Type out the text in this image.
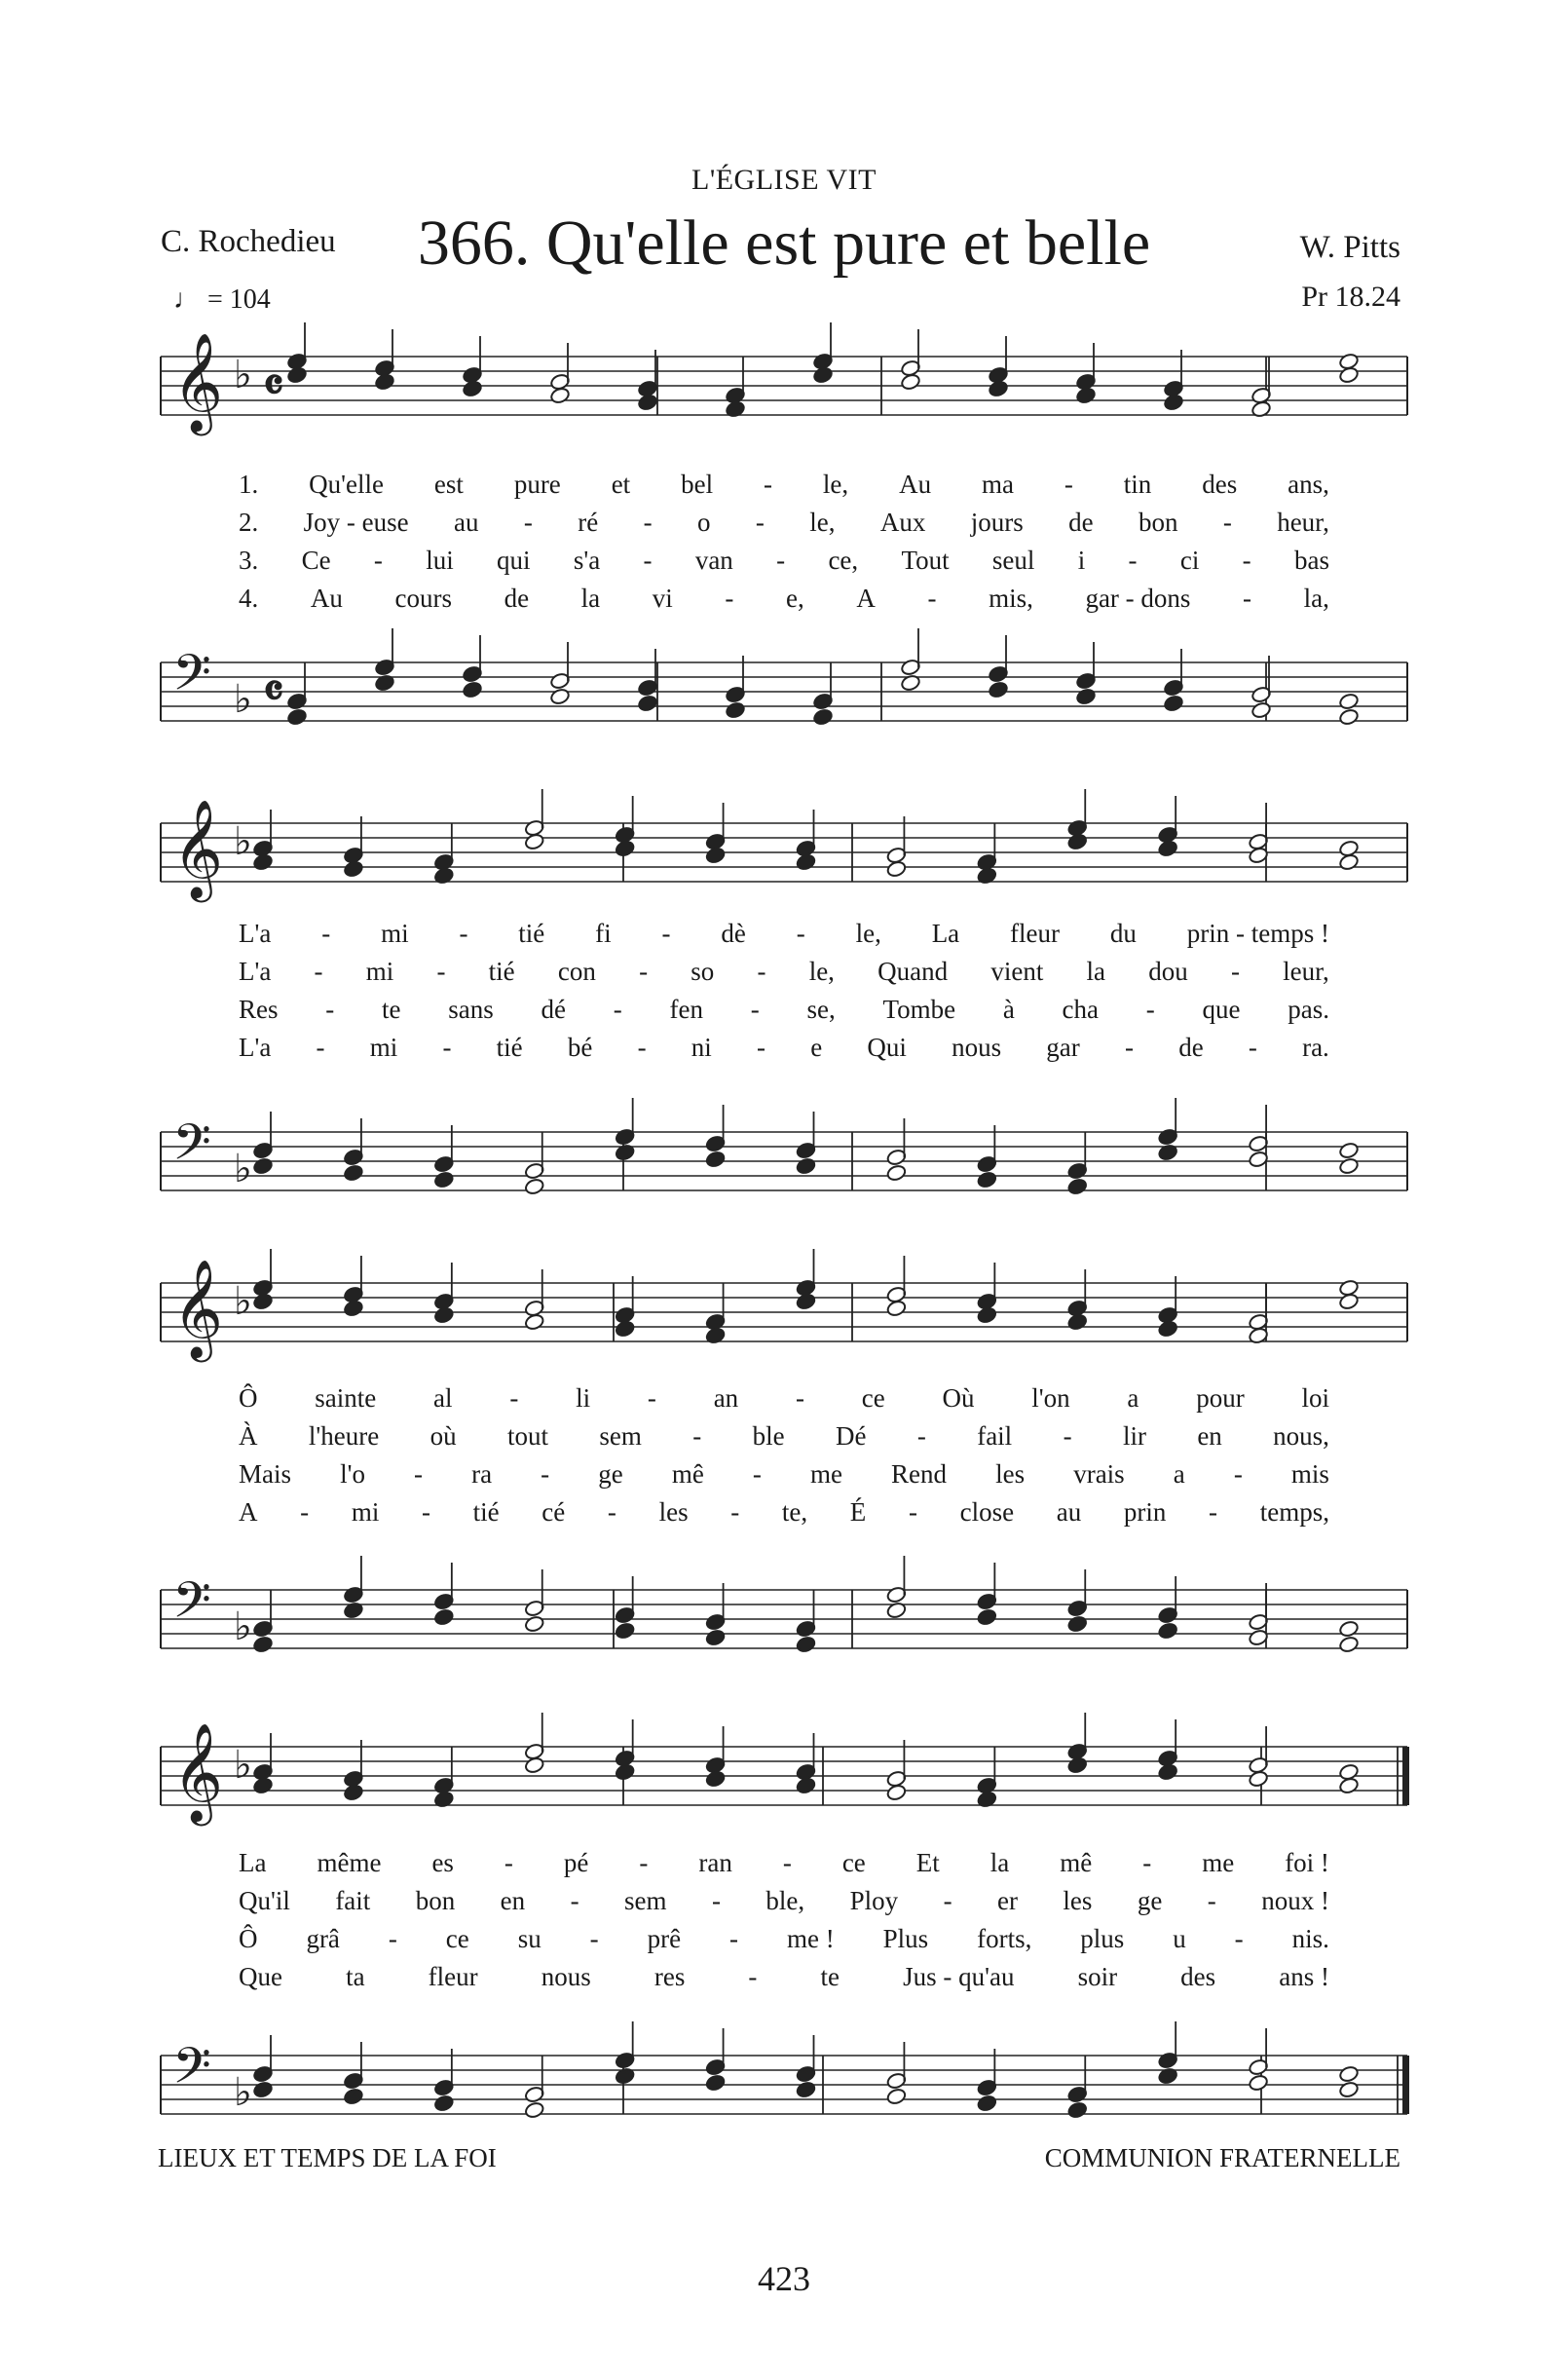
L'ÉGLISE VIT
C. Rochedieu
♩ = 104
366. Qu'elle est pure et belle	W. Pitts
Pr 18.24
𝄞 ♭ 𝄴
𝄢 ♭ 𝄴
𝄞 ♭
𝄢 ♭
𝄞 ♭
𝄢 ♭
𝄞 ♭
𝄢 ♭
1. Qu'elle est pure et bel - le, Au ma - tin des ans,
2. Joy - euse au - ré - o - le, Aux jours de bon - heur,
3. Ce - lui qui s'a - van - ce, Tout seul i - ci - bas
4. Au cours de la vi - e, A - mis, gar - dons - la,
L'a - mi - tié fi - dè - le, La fleur du prin - temps !
L'a - mi - tié con - so - le, Quand vient la dou - leur,
Res - te sans dé - fen - se, Tombe à cha - que pas.
L'a - mi - tié bé - ni - e Qui nous gar - de - ra.
Ô sainte al - li - an - ce Où l'on a pour loi
À l'heure où tout sem - ble Dé - fail - lir en nous,
Mais l'o - ra - ge mê - me Rend les vrais a - mis
A - mi - tié cé - les - te, É - close au prin - temps,
La même es - pé - ran - ce Et la mê - me foi !
Qu'il fait bon en - sem - ble, Ploy - er les ge - noux !
Ô grâ - ce su - prê - me ! Plus forts, plus u - nis.
Que ta fleur nous res - te Jus - qu'au soir des ans !
LIEUX ET TEMPS DE LA FOI	COMMUNION FRATERNELLE
423
